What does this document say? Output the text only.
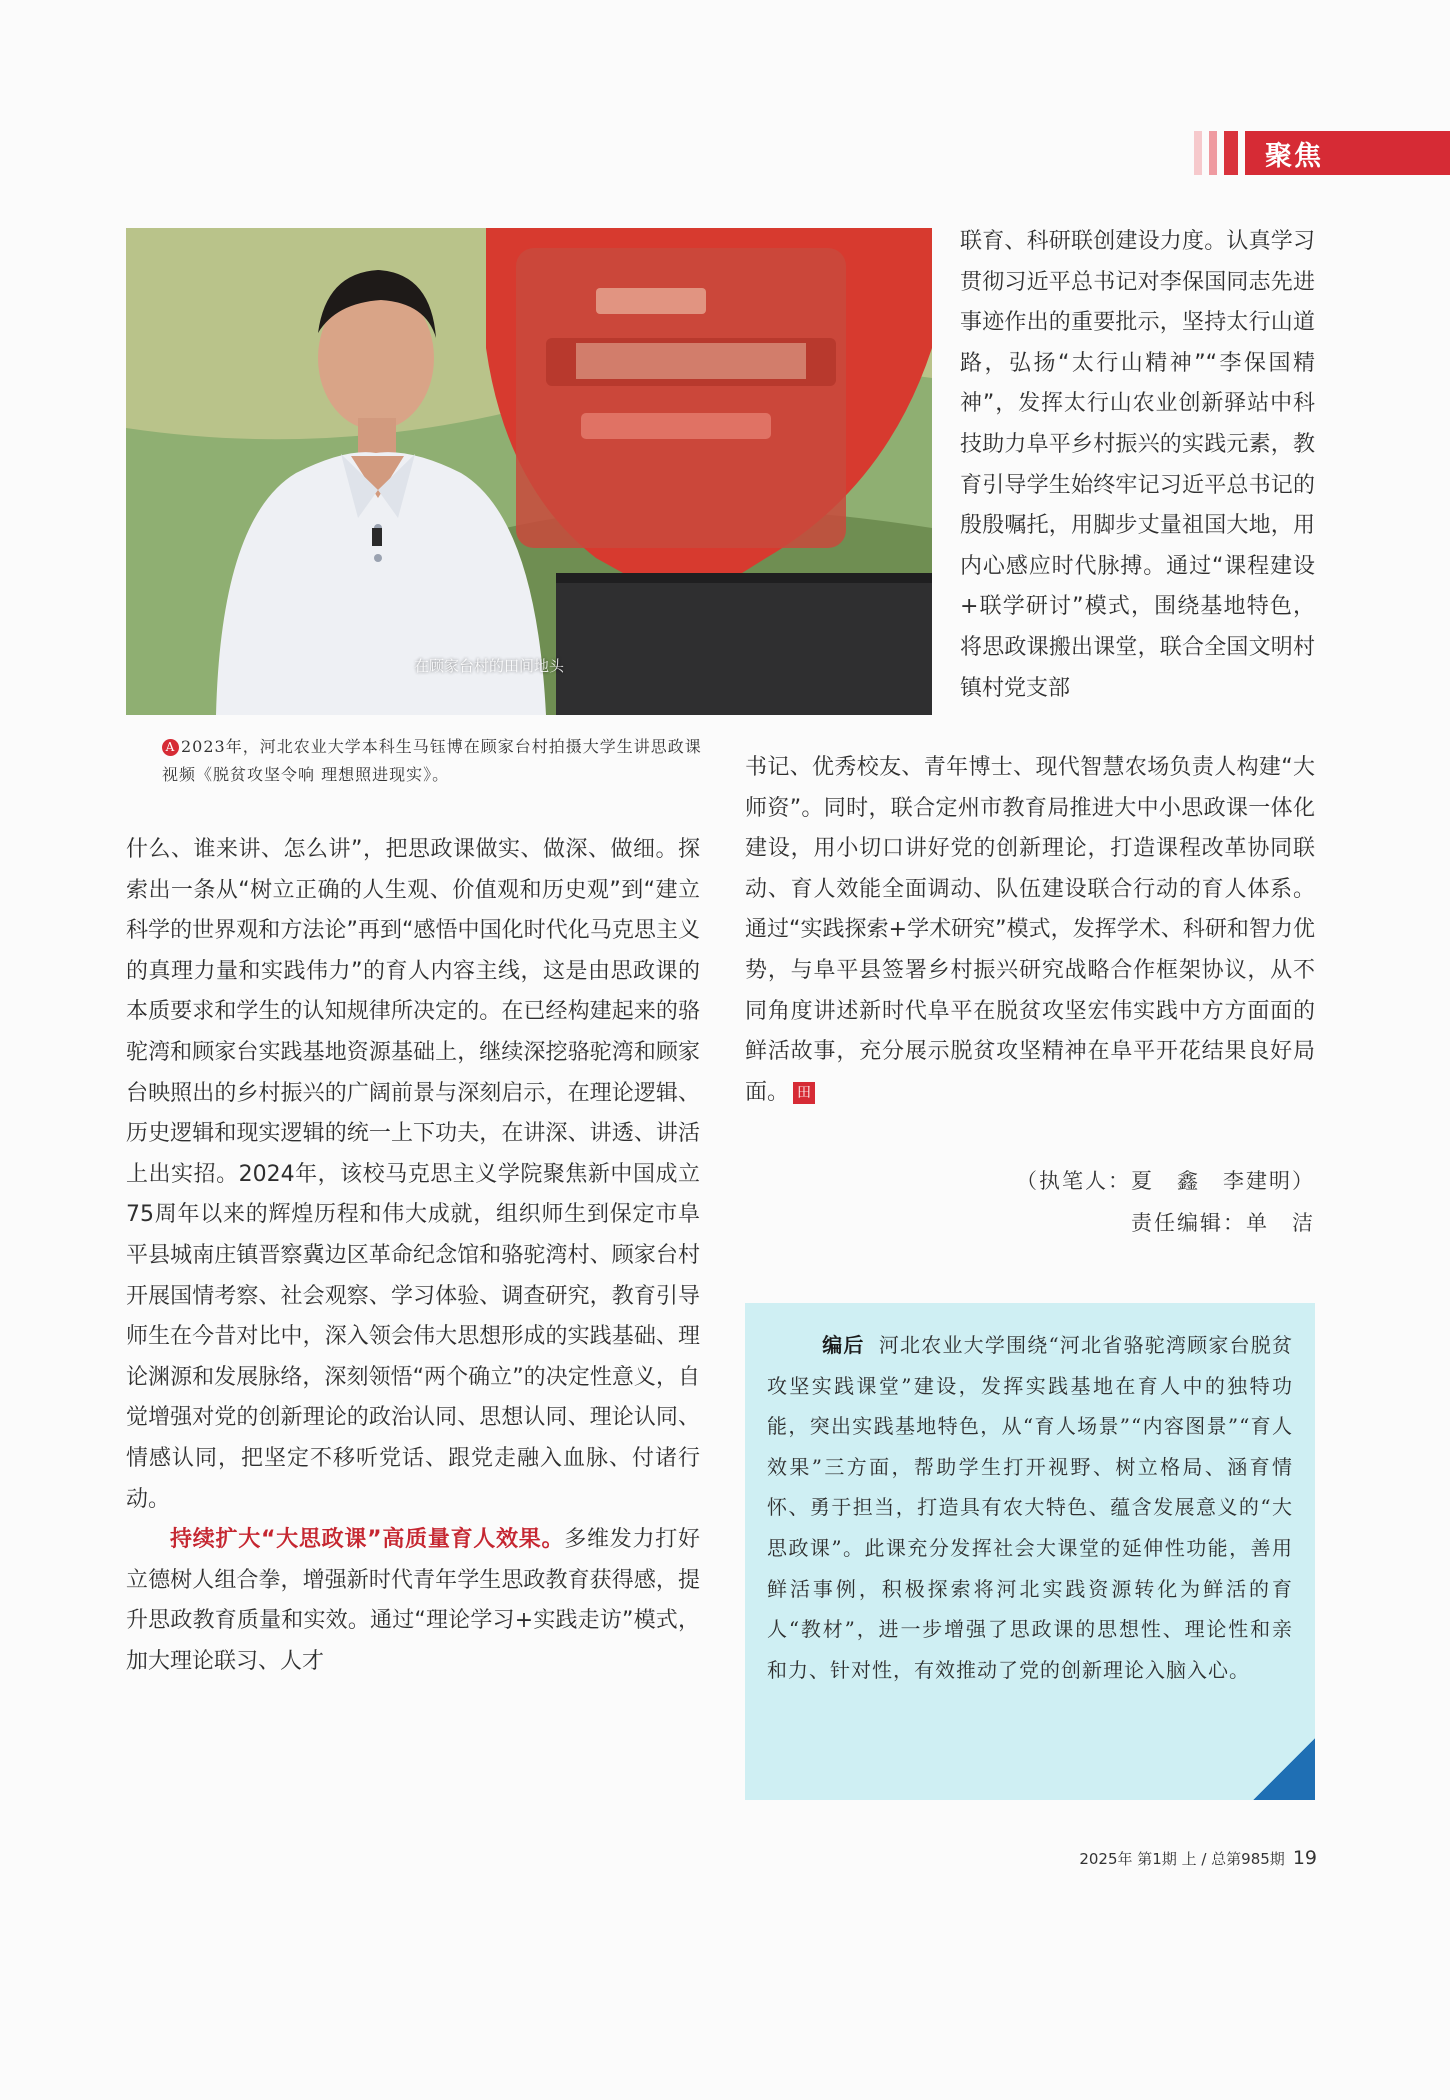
聚焦
在顾家台村的田间地头
A 2023年，河北农业大学本科生马钰博在顾家台村拍摄大学生讲思政课视频《脱贫攻坚令响 理想照进现实》。

联育、科研联创建设力度。认真学习贯彻习近平总书记对李保国同志先进事迹作出的重要批示，坚持太行山道路，弘扬“太行山精神”“李保国精神”，发挥太行山农业创新驿站中科技助力阜平乡村振兴的实践元素，教育引导学生始终牢记习近平总书记的殷殷嘱托，用脚步丈量祖国大地，用内心感应时代脉搏。通过“课程建设+联学研讨”模式，围绕基地特色，将思政课搬出课堂，联合全国文明村镇村党支部

什么、谁来讲、怎么讲”，把思政课做实、做深、做细。探索出一条从“树立正确的人生观、价值观和历史观”到“建立科学的世界观和方法论”再到“感悟中国化时代化马克思主义的真理力量和实践伟力”的育人内容主线，这是由思政课的本质要求和学生的认知规律所决定的。在已经构建起来的骆驼湾和顾家台实践基地资源基础上，继续深挖骆驼湾和顾家台映照出的乡村振兴的广阔前景与深刻启示，在理论逻辑、历史逻辑和现实逻辑的统一上下功夫，在讲深、讲透、讲活上出实招。2024年，该校马克思主义学院聚焦新中国成立75周年以来的辉煌历程和伟大成就，组织师生到保定市阜平县城南庄镇晋察冀边区革命纪念馆和骆驼湾村、顾家台村开展国情考察、社会观察、学习体验、调查研究，教育引导师生在今昔对比中，深入领会伟大思想形成的实践基础、理论渊源和发展脉络，深刻领悟“两个确立”的决定性意义，自觉增强对党的创新理论的政治认同、思想认同、理论认同、情感认同，把坚定不移听党话、跟党走融入血脉、付诸行动。

持续扩大“大思政课”高质量育人效果。多维发力打好立德树人组合拳，增强新时代青年学生思政教育获得感，提升思政教育质量和实效。通过“理论学习+实践走访”模式，加大理论联习、人才

书记、优秀校友、青年博士、现代智慧农场负责人构建“大师资”。同时，联合定州市教育局推进大中小思政课一体化建设，用小切口讲好党的创新理论，打造课程改革协同联动、育人效能全面调动、队伍建设联合行动的育人体系。通过“实践探索+学术研究”模式，发挥学术、科研和智力优势，与阜平县签署乡村振兴研究战略合作框架协议，从不同角度讲述新时代阜平在脱贫攻坚宏伟实践中方方面面的鲜活故事，充分展示脱贫攻坚精神在阜平开花结果良好局面。 田

（执笔人：夏　鑫　李建明）
责任编辑：单　洁
编后 河北农业大学围绕“河北省骆驼湾顾家台脱贫攻坚实践课堂”建设，发挥实践基地在育人中的独特功能，突出实践基地特色，从“育人场景”“内容图景”“育人效果”三方面，帮助学生打开视野、树立格局、涵育情怀、勇于担当，打造具有农大特色、蕴含发展意义的“大思政课”。此课充分发挥社会大课堂的延伸性功能，善用鲜活事例，积极探索将河北实践资源转化为鲜活的育人“教材”，进一步增强了思政课的思想性、理论性和亲和力、针对性，有效推动了党的创新理论入脑入心。
2025年 第1期 上 / 总第985期 19
